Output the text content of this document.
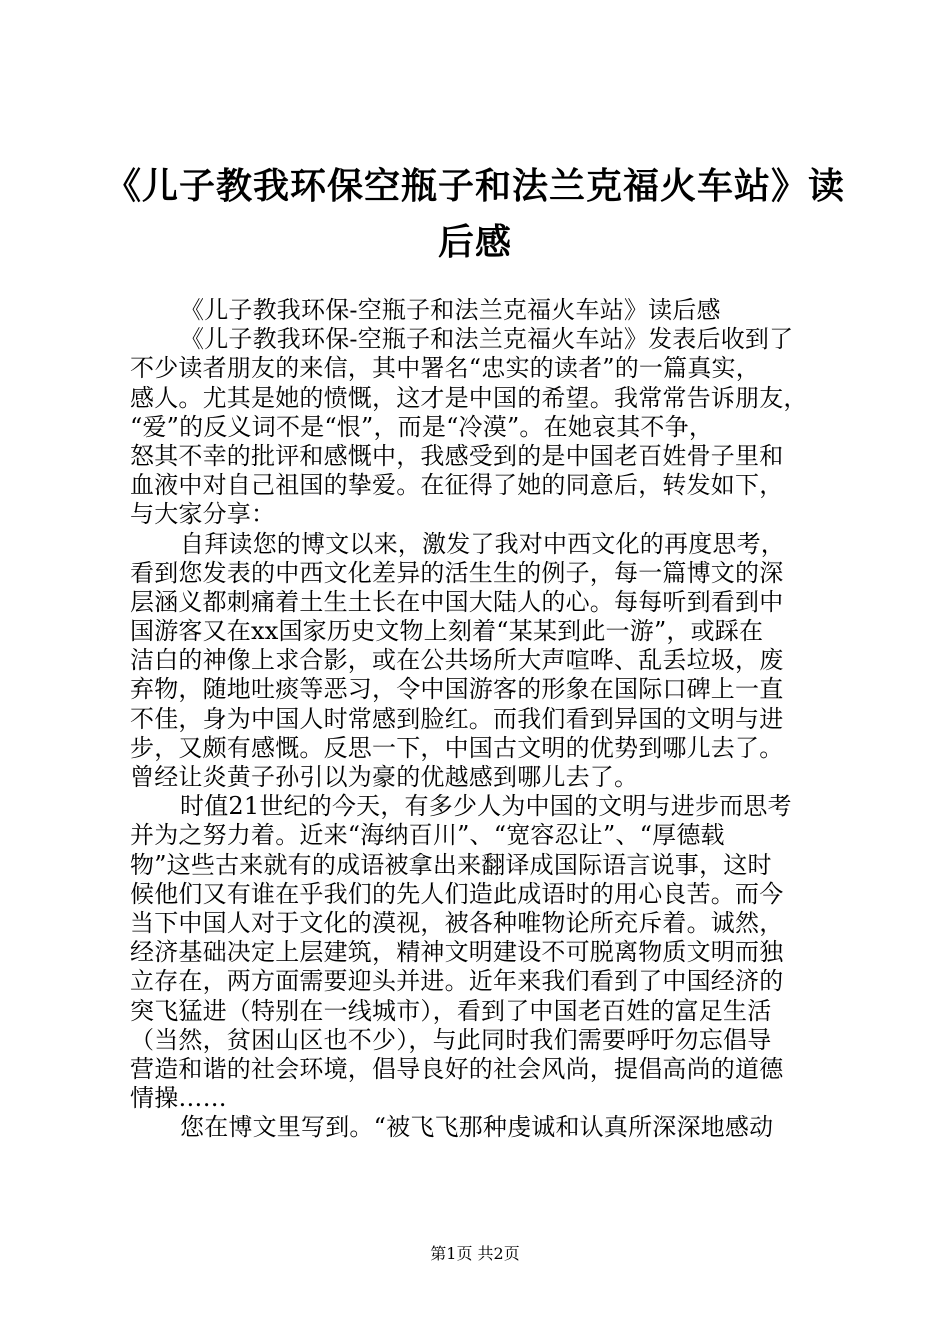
《儿子教我环保空瓶子和法兰克福火车站》读
后感
《儿子教我环保-空瓶子和法兰克福火车站》读后感
《儿子教我环保-空瓶子和法兰克福火车站》发表后收到了
不少读者朋友的来信，其中署名“忠实的读者”的一篇真实，
感人。尤其是她的愤慨，这才是中国的希望。我常常告诉朋友，
“爱”的反义词不是“恨”，而是“冷漠”。在她哀其不争，
怒其不幸的批评和感慨中，我感受到的是中国老百姓骨子里和
血液中对自己祖国的挚爱。在征得了她的同意后，转发如下，
与大家分享：
自拜读您的博文以来，激发了我对中西文化的再度思考，
看到您发表的中西文化差异的活生生的例子，每一篇博文的深
层涵义都刺痛着土生土长在中国大陆人的心。每每听到看到中
国游客又在xx国家历史文物上刻着“某某到此一游”，或踩在
洁白的神像上求合影，或在公共场所大声喧哗、乱丢垃圾，废
弃物，随地吐痰等恶习，令中国游客的形象在国际口碑上一直
不佳，身为中国人时常感到脸红。而我们看到异国的文明与进
步，又颇有感慨。反思一下，中国古文明的优势到哪儿去了。
曾经让炎黄子孙引以为豪的优越感到哪儿去了。
时值21世纪的今天，有多少人为中国的文明与进步而思考
并为之努力着。近来“海纳百川”、“宽容忍让”、“厚德载
物”这些古来就有的成语被拿出来翻译成国际语言说事，这时
候他们又有谁在乎我们的先人们造此成语时的用心良苦。而今
当下中国人对于文化的漠视，被各种唯物论所充斥着。诚然，
经济基础决定上层建筑，精神文明建设不可脱离物质文明而独
立存在，两方面需要迎头并进。近年来我们看到了中国经济的
突飞猛进（特别在一线城市），看到了中国老百姓的富足生活
（当然，贫困山区也不少），与此同时我们需要呼吁勿忘倡导
营造和谐的社会环境，倡导良好的社会风尚，提倡高尚的道德
情操……
您在博文里写到。“被飞飞那种虔诚和认真所深深地感动
第1页 共2页
